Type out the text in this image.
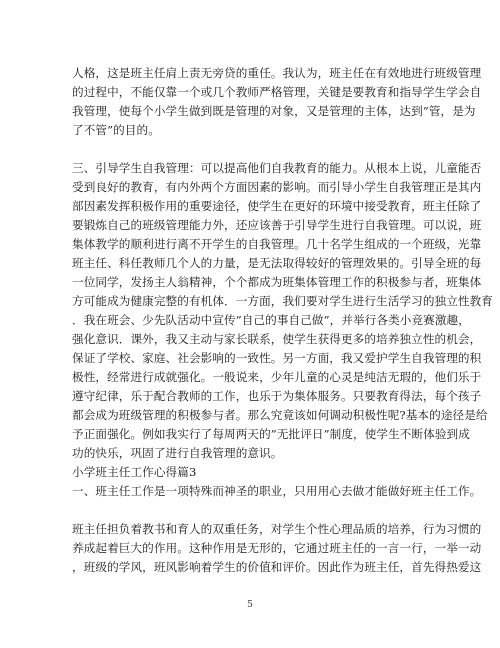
人格，这是班主任肩上责无旁贷的重任。我认为，班主任在有效地进行班级管理
的过程中，不能仅靠一个或几个教师严格管理，关键是要教育和指导学生学会自
我管理，使每个小学生做到既是管理的对象，又是管理的主体，达到”管，是为
了不管”的目的。
三、引导学生自我管理：可以提高他们自我教育的能力。从根本上说，儿童能否
受到良好的教育，有内外两个方面因素的影响。而引导小学生自我管理正是其内
部因素发挥积极作用的重要途径，使学生在更好的环境中接受教育，班主任除了
要锻炼自己的班级管理能力外，还应该善于引导学生进行自我管理。可以说，班
集体教学的顺利进行离不开学生的自我管理。几十名学生组成的一个班级，光靠
班主任、科任教师几个人的力量，是无法取得较好的管理效果的。引导全班的每
一位同学，发扬主人翁精神，个个都成为班集体管理工作的积极参与者，班集体
方可能成为健康完整的有机体．一方面，我们要对学生进行生活学习的独立性教育
．我在班会、少先队活动中宣传”自己的事自己做”，并举行各类小竞赛激趣，
强化意识．课外，我又主动与家长联系，使学生获得更多的培养独立性的机会，
保证了学校、家庭、社会影响的一致性。另一方面，我又爱护学生自我管理的积
极性，经常进行成就强化。一般说来，少年儿童的心灵是纯洁无瑕的，他们乐于
遵守纪律，乐于配合教师的工作，也乐于为集体服务。只要教育得法，每个孩子
都会成为班级管理的积极参与者。那么究竟该如何调动积极性呢?基本的途径是给
予正面强化。例如我实行了每周两天的”无批评日”制度，使学生不断体验到成
功的快乐，巩固了进行自我管理的意识。
小学班主任工作心得篇3
一、班主任工作是一项特殊而神圣的职业，只用用心去做才能做好班主任工作。
班主任担负着教书和育人的双重任务，对学生个性心理品质的培养，行为习惯的
养成起着巨大的作用。这种作用是无形的，它通过班主任的一言一行，一举一动
，班级的学风，班风影响着学生的价值和评价。因此作为班主任，首先得热爱这
5
